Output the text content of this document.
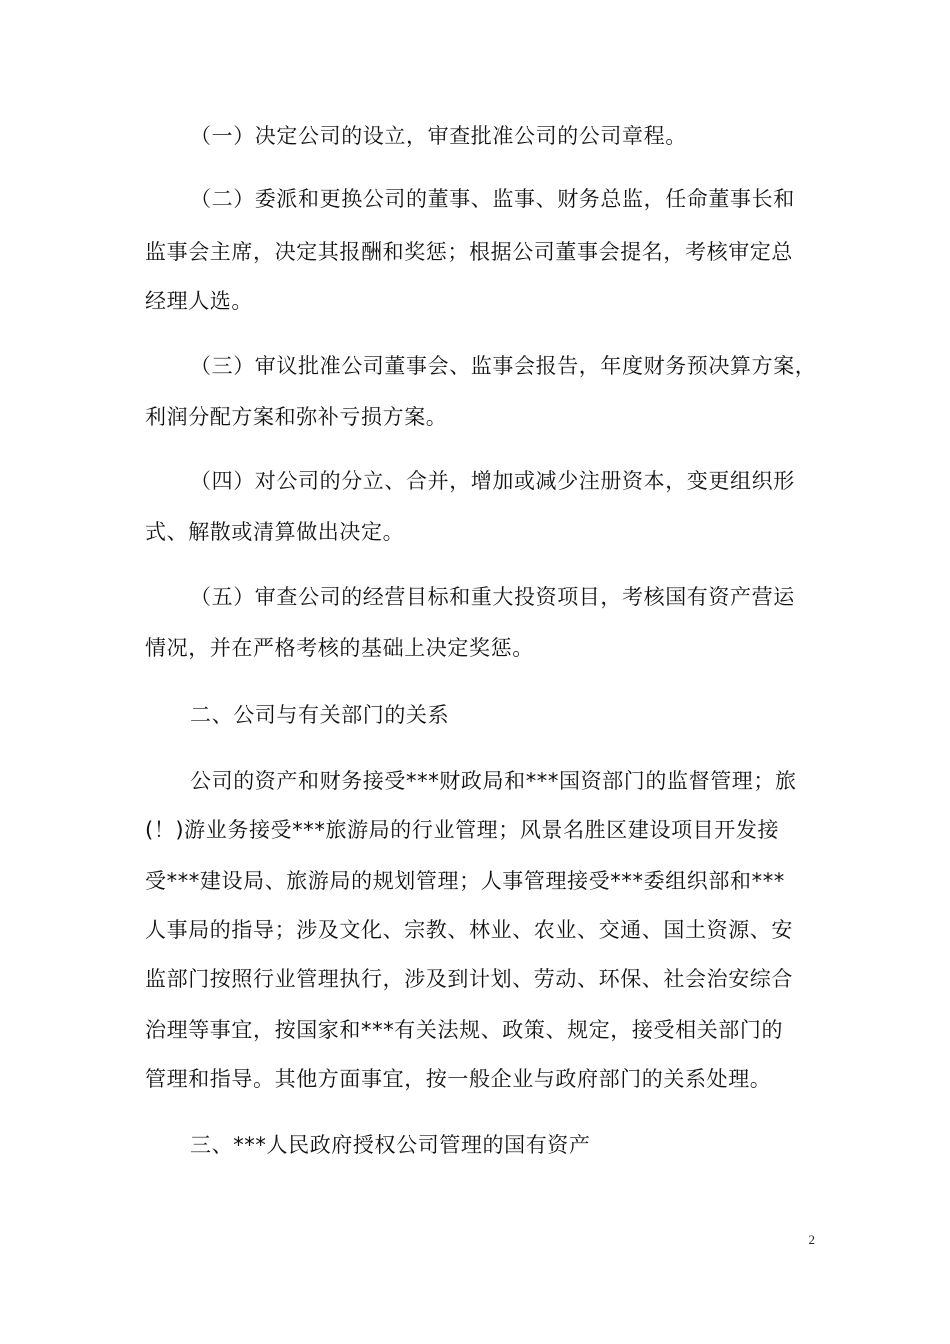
（一）决定公司的设立，审查批准公司的公司章程。
（二）委派和更换公司的董事、监事、财务总监，任命董事长和
监事会主席，决定其报酬和奖惩；根据公司董事会提名，考核审定总
经理人选。
（三）审议批准公司董事会、监事会报告，年度财务预决算方案，
利润分配方案和弥补亏损方案。
（四）对公司的分立、合并，增加或减少注册资本，变更组织形
式、解散或清算做出决定。
（五）审查公司的经营目标和重大投资项目，考核国有资产营运
情况，并在严格考核的基础上决定奖惩。
二、公司与有关部门的关系
公司的资产和财务接受***财政局和***国资部门的监督管理；旅
(！)游业务接受***旅游局的行业管理；风景名胜区建设项目开发接
受***建设局、旅游局的规划管理；人事管理接受***委组织部和***
人事局的指导；涉及文化、宗教、林业、农业、交通、国土资源、安
监部门按照行业管理执行，涉及到计划、劳动、环保、社会治安综合
治理等事宜，按国家和***有关法规、政策、规定，接受相关部门的
管理和指导。其他方面事宜，按一般企业与政府部门的关系处理。
三、***人民政府授权公司管理的国有资产
2
